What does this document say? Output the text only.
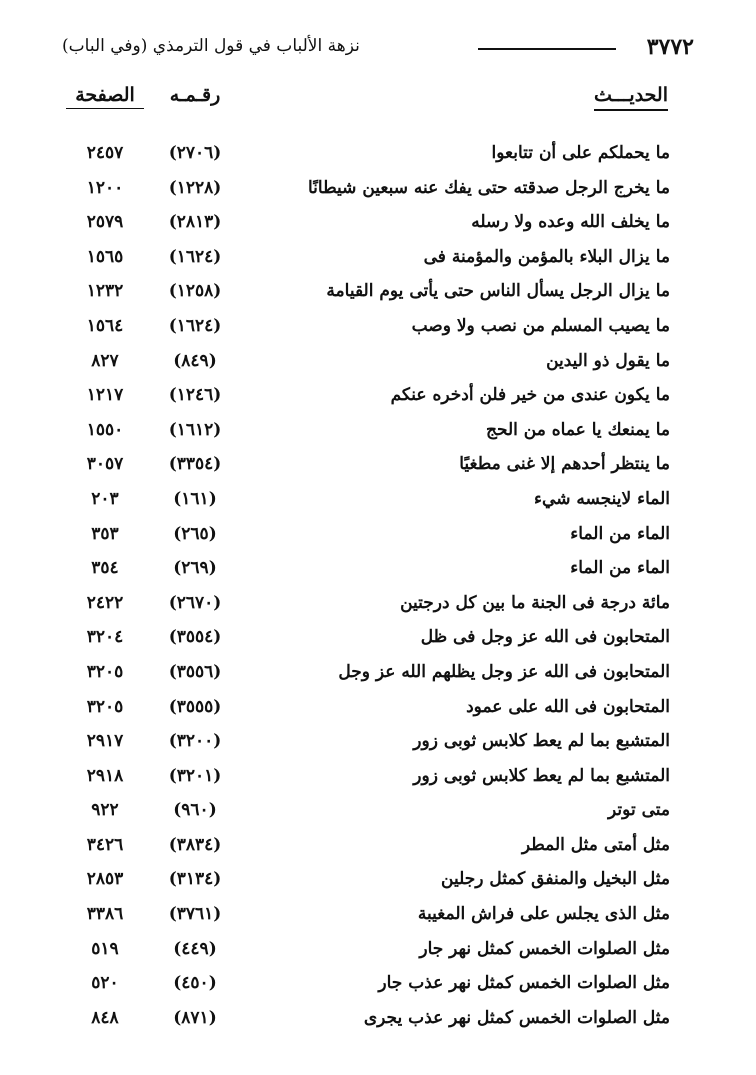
٣٧٧٢
نزهة الألباب في قول الترمذي (وفي الباب)
الحديـــث
رقـمـه
الصفحة
ما يحملكم على أن تتابعوا
(٢٧٠٦)
٢٤٥٧
ما يخرج الرجل صدقته حتى يفك عنه سبعين شيطانًا
(١٢٢٨)
١٢٠٠
ما يخلف الله وعده ولا رسله
(٢٨١٣)
٢٥٧٩
ما يزال البلاء بالمؤمن والمؤمنة فى
(١٦٢٤)
١٥٦٥
ما يزال الرجل يسأل الناس حتى يأتى يوم القيامة
(١٢٥٨)
١٢٣٢
ما يصيب المسلم من نصب ولا وصب
(١٦٢٤)
١٥٦٤
ما يقول ذو اليدين
(٨٤٩)
٨٢٧
ما يكون عندى من خير فلن أدخره عنكم
(١٢٤٦)
١٢١٧
ما يمنعك يا عماه من الحج
(١٦١٢)
١٥٥٠
ما ينتظر أحدهم إلا غنى مطغيًا
(٣٣٥٤)
٣٠٥٧
الماء لاينجسه شيء
(١٦١)
٢٠٣
الماء من الماء
(٢٦٥)
٣٥٣
الماء من الماء
(٢٦٩)
٣٥٤
مائة درجة فى الجنة ما بين كل درجتين
(٢٦٧٠)
٢٤٢٢
المتحابون فى الله عز وجل فى ظل
(٣٥٥٤)
٣٢٠٤
المتحابون فى الله عز وجل يظلهم الله عز وجل
(٣٥٥٦)
٣٢٠٥
المتحابون فى الله على عمود
(٣٥٥٥)
٣٢٠٥
المتشبع بما لم يعط كلابس ثوبى زور
(٣٢٠٠)
٢٩١٧
المتشبع بما لم يعط كلابس ثوبى زور
(٣٢٠١)
٢٩١٨
متى توتر
(٩٦٠)
٩٢٢
مثل أمتى مثل المطر
(٣٨٣٤)
٣٤٢٦
مثل البخيل والمنفق كمثل رجلين
(٣١٣٤)
٢٨٥٣
مثل الذى يجلس على فراش المغيبة
(٣٧٦١)
٣٣٨٦
مثل الصلوات الخمس كمثل نهر جار
(٤٤٩)
٥١٩
مثل الصلوات الخمس كمثل نهر عذب جار
(٤٥٠)
٥٢٠
مثل الصلوات الخمس كمثل نهر عذب يجرى
(٨٧١)
٨٤٨
